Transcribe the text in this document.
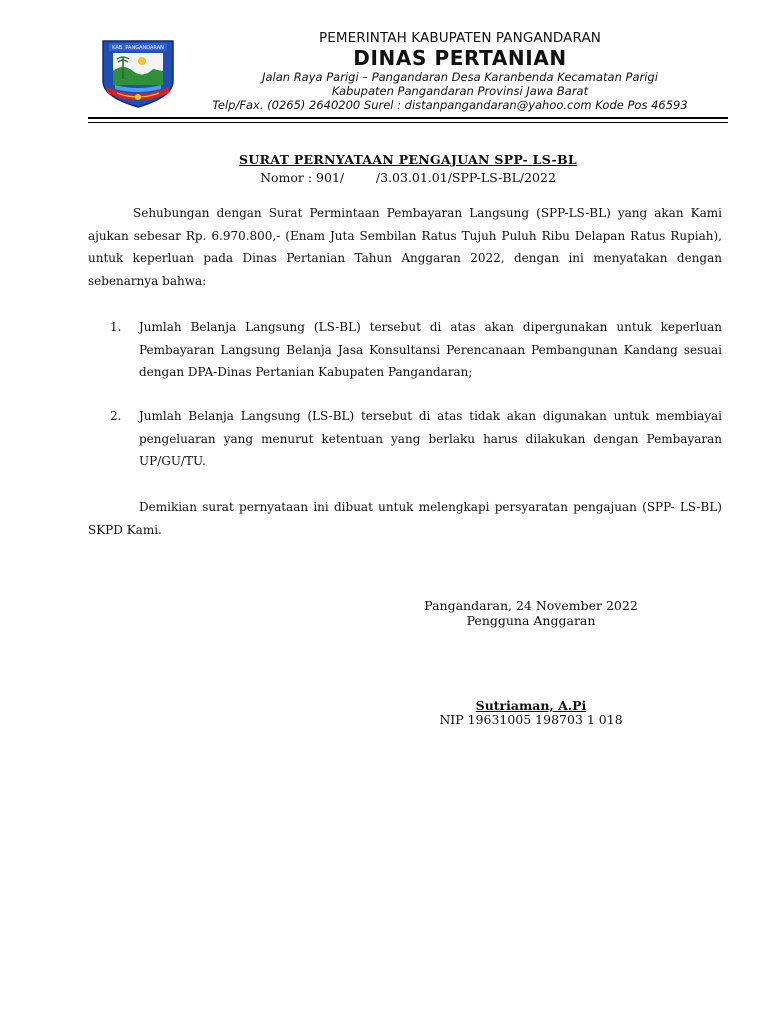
KAB. PANGANDARAN
PEMERINTAH KABUPATEN PANGANDARAN
DINAS PERTANIAN
Jalan Raya Parigi – Pangandaran Desa Karanbenda Kecamatan Parigi
Kabupaten Pangandaran Provinsi Jawa Barat
Telp/Fax. (0265) 2640200 Surel : distanpangandaran@yahoo.com Kode Pos 46593
SURAT PERNYATAAN PENGAJUAN SPP- LS-BL
Nomor : 901/        /3.03.01.01/SPP-LS-BL/2022
Sehubungan dengan Surat Permintaan Pembayaran Langsung (SPP-LS-BL) yang akan Kami ajukan sebesar Rp. 6.970.800,- (Enam Juta Sembilan Ratus Tujuh Puluh Ribu Delapan Ratus Rupiah), untuk keperluan pada Dinas Pertanian Tahun Anggaran 2022, dengan ini menyatakan dengan sebenarnya bahwa:
1.	Jumlah Belanja Langsung (LS-BL) tersebut di atas akan dipergunakan untuk keperluan Pembayaran Langsung Belanja Jasa Konsultansi Perencanaan Pembangunan Kandang sesuai dengan DPA-Dinas Pertanian Kabupaten Pangandaran;
2.	Jumlah Belanja Langsung (LS-BL) tersebut di atas tidak akan digunakan untuk membiayai pengeluaran yang menurut ketentuan yang berlaku harus dilakukan dengan Pembayaran UP/GU/TU.
Demikian surat pernyataan ini dibuat untuk melengkapi persyaratan pengajuan (SPP- LS-BL) SKPD Kami.
Pangandaran, 24 November 2022
Pengguna Anggaran
Sutriaman, A.Pi
NIP 19631005 198703 1 018
